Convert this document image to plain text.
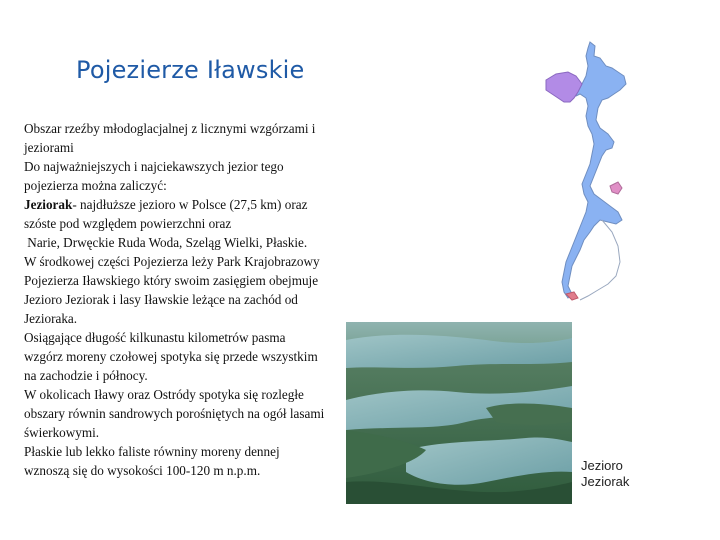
Pojezierze Iławskie

Obszar rzeźby młodoglacjalnej z licznymi wzgórzami i jeziorami

Do najważniejszych i najciekawszych jezior tego pojezierza można zaliczyć:

Jeziorak- najdłuższe jezioro w Polsce (27,5 km) oraz szóste pod względem powierzchni oraz

Narie, Drwęckie Ruda Woda, Szeląg Wielki, Płaskie.

W środkowej części Pojezierza leży Park Krajobrazowy Pojezierza Iławskiego który swoim zasięgiem obejmuje Jezioro Jeziorak i lasy Iławskie leżące na zachód od Jezioraka.

Osiągające długość kilkunastu kilometrów pasma wzgórz moreny czołowej spotyka się przede wszystkim na zachodzie i północy.

W okolicach Iławy oraz Ostródy spotyka się rozległe obszary równin sandrowych porośniętych na ogół lasami świerkowymi.

Płaskie lub lekko faliste równiny moreny dennej wznoszą się do wysokości 100-120 m n.p.m.	Jezioro
Jeziorak
